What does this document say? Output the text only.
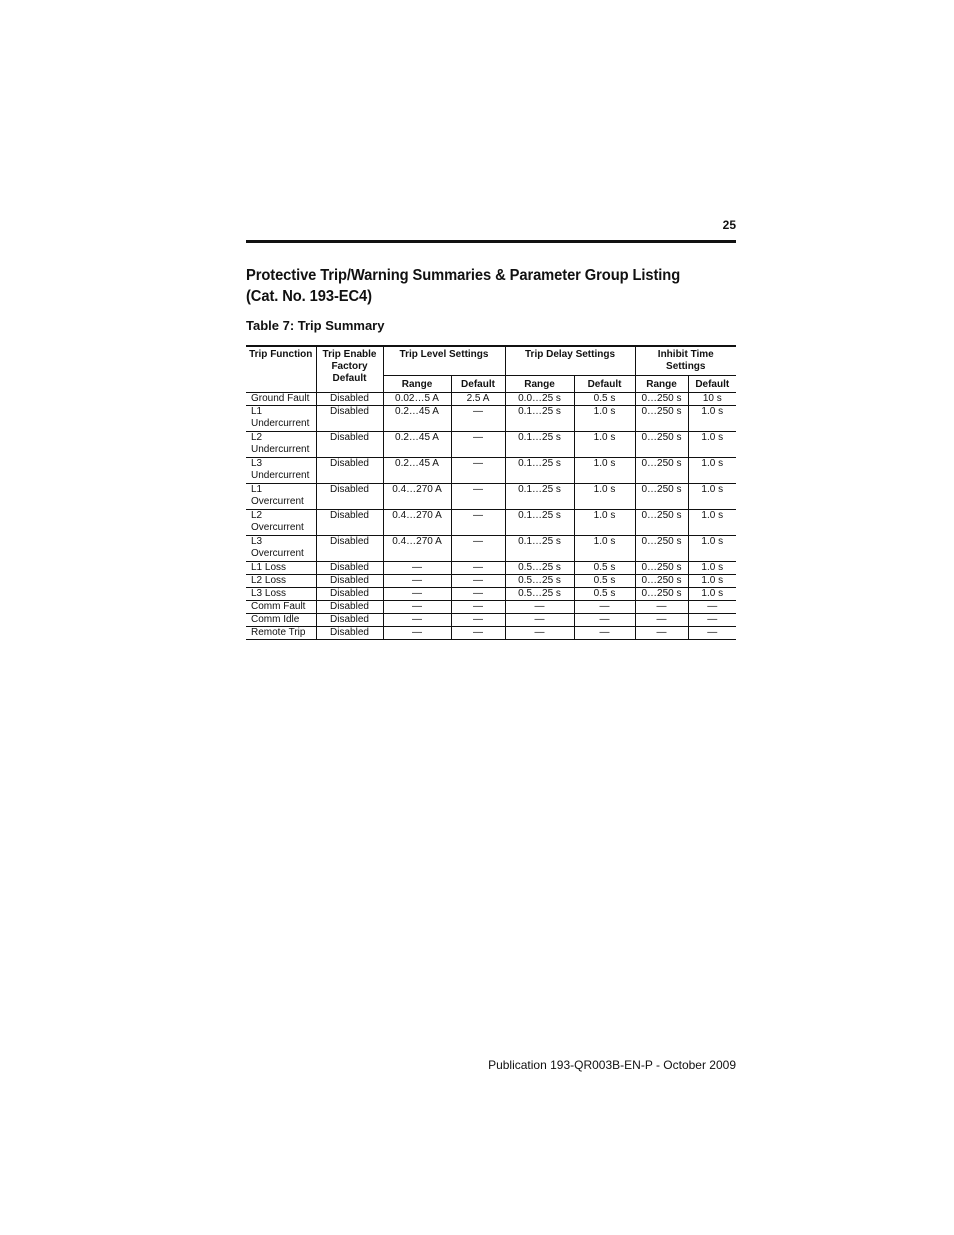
25
Protective Trip/Warning Summaries & Parameter Group Listing
(Cat. No. 193-EC4)
Table 7: Trip Summary
Trip Function	Trip Enable Factory Default	Trip Level Settings		Trip Delay Settings		Inhibit Time Settings	
		Range	Default	Range	Default	Range	Default
Ground Fault	Disabled	0.02…5 A	2.5 A	0.0…25 s	0.5 s	0…250 s	10 s
L1 Undercurrent	Disabled	0.2…45 A	—	0.1…25 s	1.0 s	0…250 s	1.0 s
L2 Undercurrent	Disabled	0.2…45 A	—	0.1…25 s	1.0 s	0…250 s	1.0 s
L3 Undercurrent	Disabled	0.2…45 A	—	0.1…25 s	1.0 s	0…250 s	1.0 s
L1 Overcurrent	Disabled	0.4…270 A	—	0.1…25 s	1.0 s	0…250 s	1.0 s
L2 Overcurrent	Disabled	0.4…270 A	—	0.1…25 s	1.0 s	0…250 s	1.0 s
L3 Overcurrent	Disabled	0.4…270 A	—	0.1…25 s	1.0 s	0…250 s	1.0 s
L1 Loss	Disabled	—	—	0.5…25 s	0.5 s	0…250 s	1.0 s
L2 Loss	Disabled	—	—	0.5…25 s	0.5 s	0…250 s	1.0 s
L3 Loss	Disabled	—	—	0.5…25 s	0.5 s	0…250 s	1.0 s
Comm Fault	Disabled	—	—	—	—	—	—
Comm Idle	Disabled	—	—	—	—	—	—
Remote Trip	Disabled	—	—	—	—	—	—
Publication 193-QR003B-EN-P - October 2009
